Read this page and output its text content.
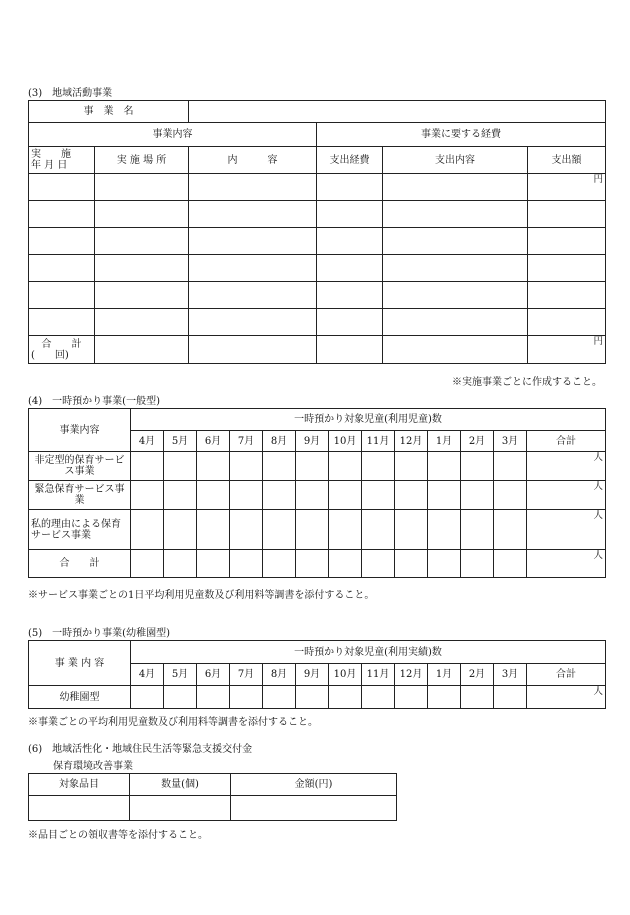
(3)　地域活動事業
事　業　名					
事業内容			事業に要する経費		

実　　施
年 月 日	実 施 場 所	内　　　容	支出経費	支出内容	支出額
					円

合　　計
(　　回)					円
※実施事業ごとに作成すること。
(4)　一時預かり事業(一般型)
事業内容	一時預かり対象児童(利用児童)数												
	4月	5月	6月	7月	8月	9月	10月	11月	12月	1月	2月	3月	合計
非定型的保育サービス事業													人
緊急保育サービス事業													人
私的理由による保育サービス事業													人
合　　計													人
※サービス事業ごとの1日平均利用児童数及び利用料等調書を添付すること。
(5)　一時預かり事業(幼稚園型)
事 業 内 容	一時預かり対象児童(利用実績)数												
	4月	5月	6月	7月	8月	9月	10月	11月	12月	1月	2月	3月	合計
幼稚園型													人
※事業ごとの平均利用児童数及び利用料等調書を添付すること。
(6)　地域活性化・地域住民生活等緊急支援交付金
保育環境改善事業
対象品目	数量(個)	金額(円)

※品目ごとの領収書等を添付すること。
